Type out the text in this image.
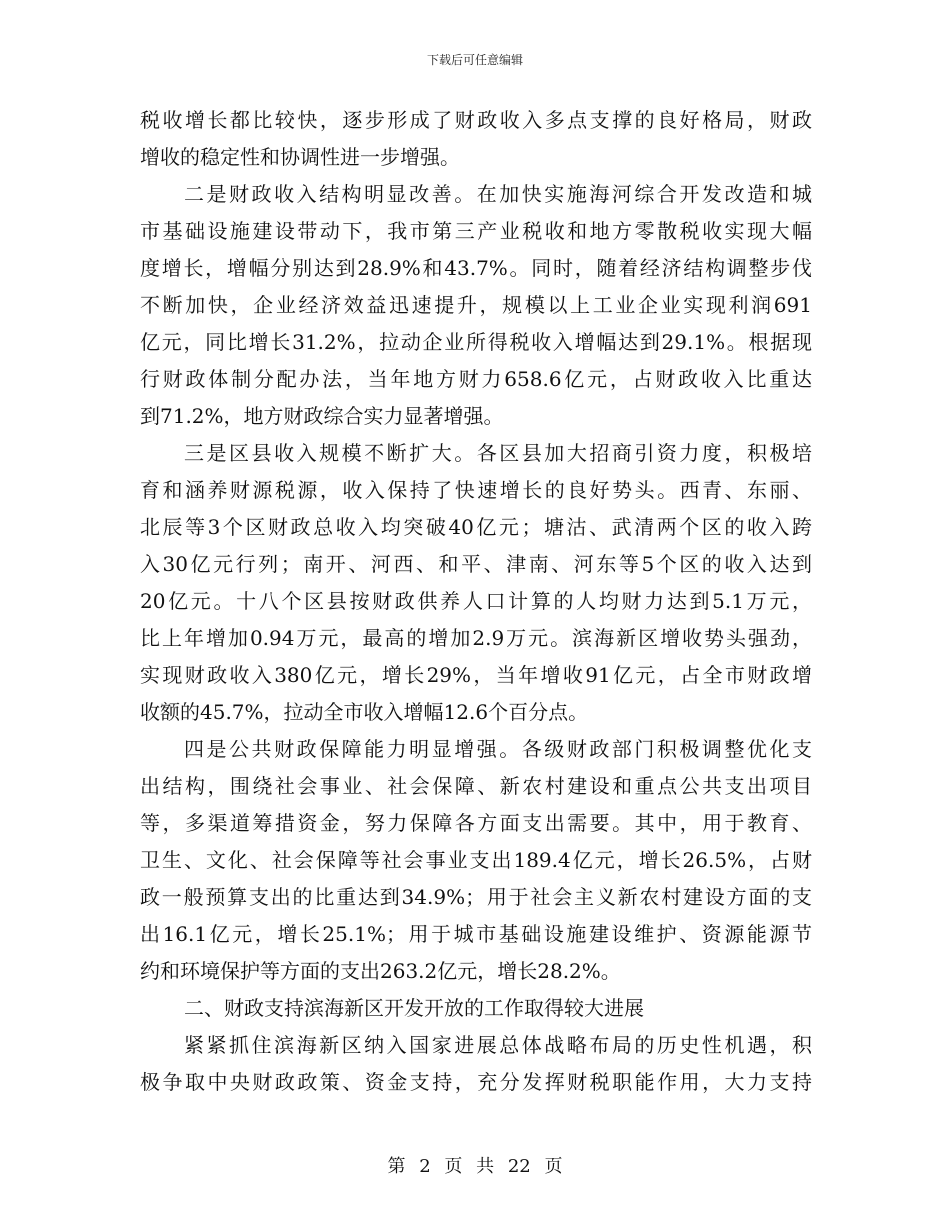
下载后可任意编辑
税收增长都比较快，逐步形成了财政收入多点支撑的良好格局，财政
增收的稳定性和协调性进一步增强。
二是财政收入结构明显改善。在加快实施海河综合开发改造和城
市基础设施建设带动下，我市第三产业税收和地方零散税收实现大幅
度增长，增幅分别达到28.9%和43.7%。同时，随着经济结构调整步伐
不断加快，企业经济效益迅速提升，规模以上工业企业实现利润691
亿元，同比增长31.2%，拉动企业所得税收入增幅达到29.1%。根据现
行财政体制分配办法，当年地方财力658.6亿元，占财政收入比重达
到71.2%，地方财政综合实力显著增强。
三是区县收入规模不断扩大。各区县加大招商引资力度，积极培
育和涵养财源税源，收入保持了快速增长的良好势头。西青、东丽、
北辰等3个区财政总收入均突破40亿元；塘沽、武清两个区的收入跨
入30亿元行列；南开、河西、和平、津南、河东等5个区的收入达到
20亿元。十八个区县按财政供养人口计算的人均财力达到5.1万元，
比上年增加0.94万元，最高的增加2.9万元。滨海新区增收势头强劲，
实现财政收入380亿元，增长29%，当年增收91亿元，占全市财政增
收额的45.7%，拉动全市收入增幅12.6个百分点。
四是公共财政保障能力明显增强。各级财政部门积极调整优化支
出结构，围绕社会事业、社会保障、新农村建设和重点公共支出项目
等，多渠道筹措资金，努力保障各方面支出需要。其中，用于教育、
卫生、文化、社会保障等社会事业支出189.4亿元，增长26.5%，占财
政一般预算支出的比重达到34.9%；用于社会主义新农村建设方面的支
出16.1亿元，增长25.1%；用于城市基础设施建设维护、资源能源节
约和环境保护等方面的支出263.2亿元，增长28.2%。
二、财政支持滨海新区开发开放的工作取得较大进展
紧紧抓住滨海新区纳入国家进展总体战略布局的历史性机遇，积
极争取中央财政政策、资金支持，充分发挥财税职能作用，大力支持
第 2 页 共 22 页
